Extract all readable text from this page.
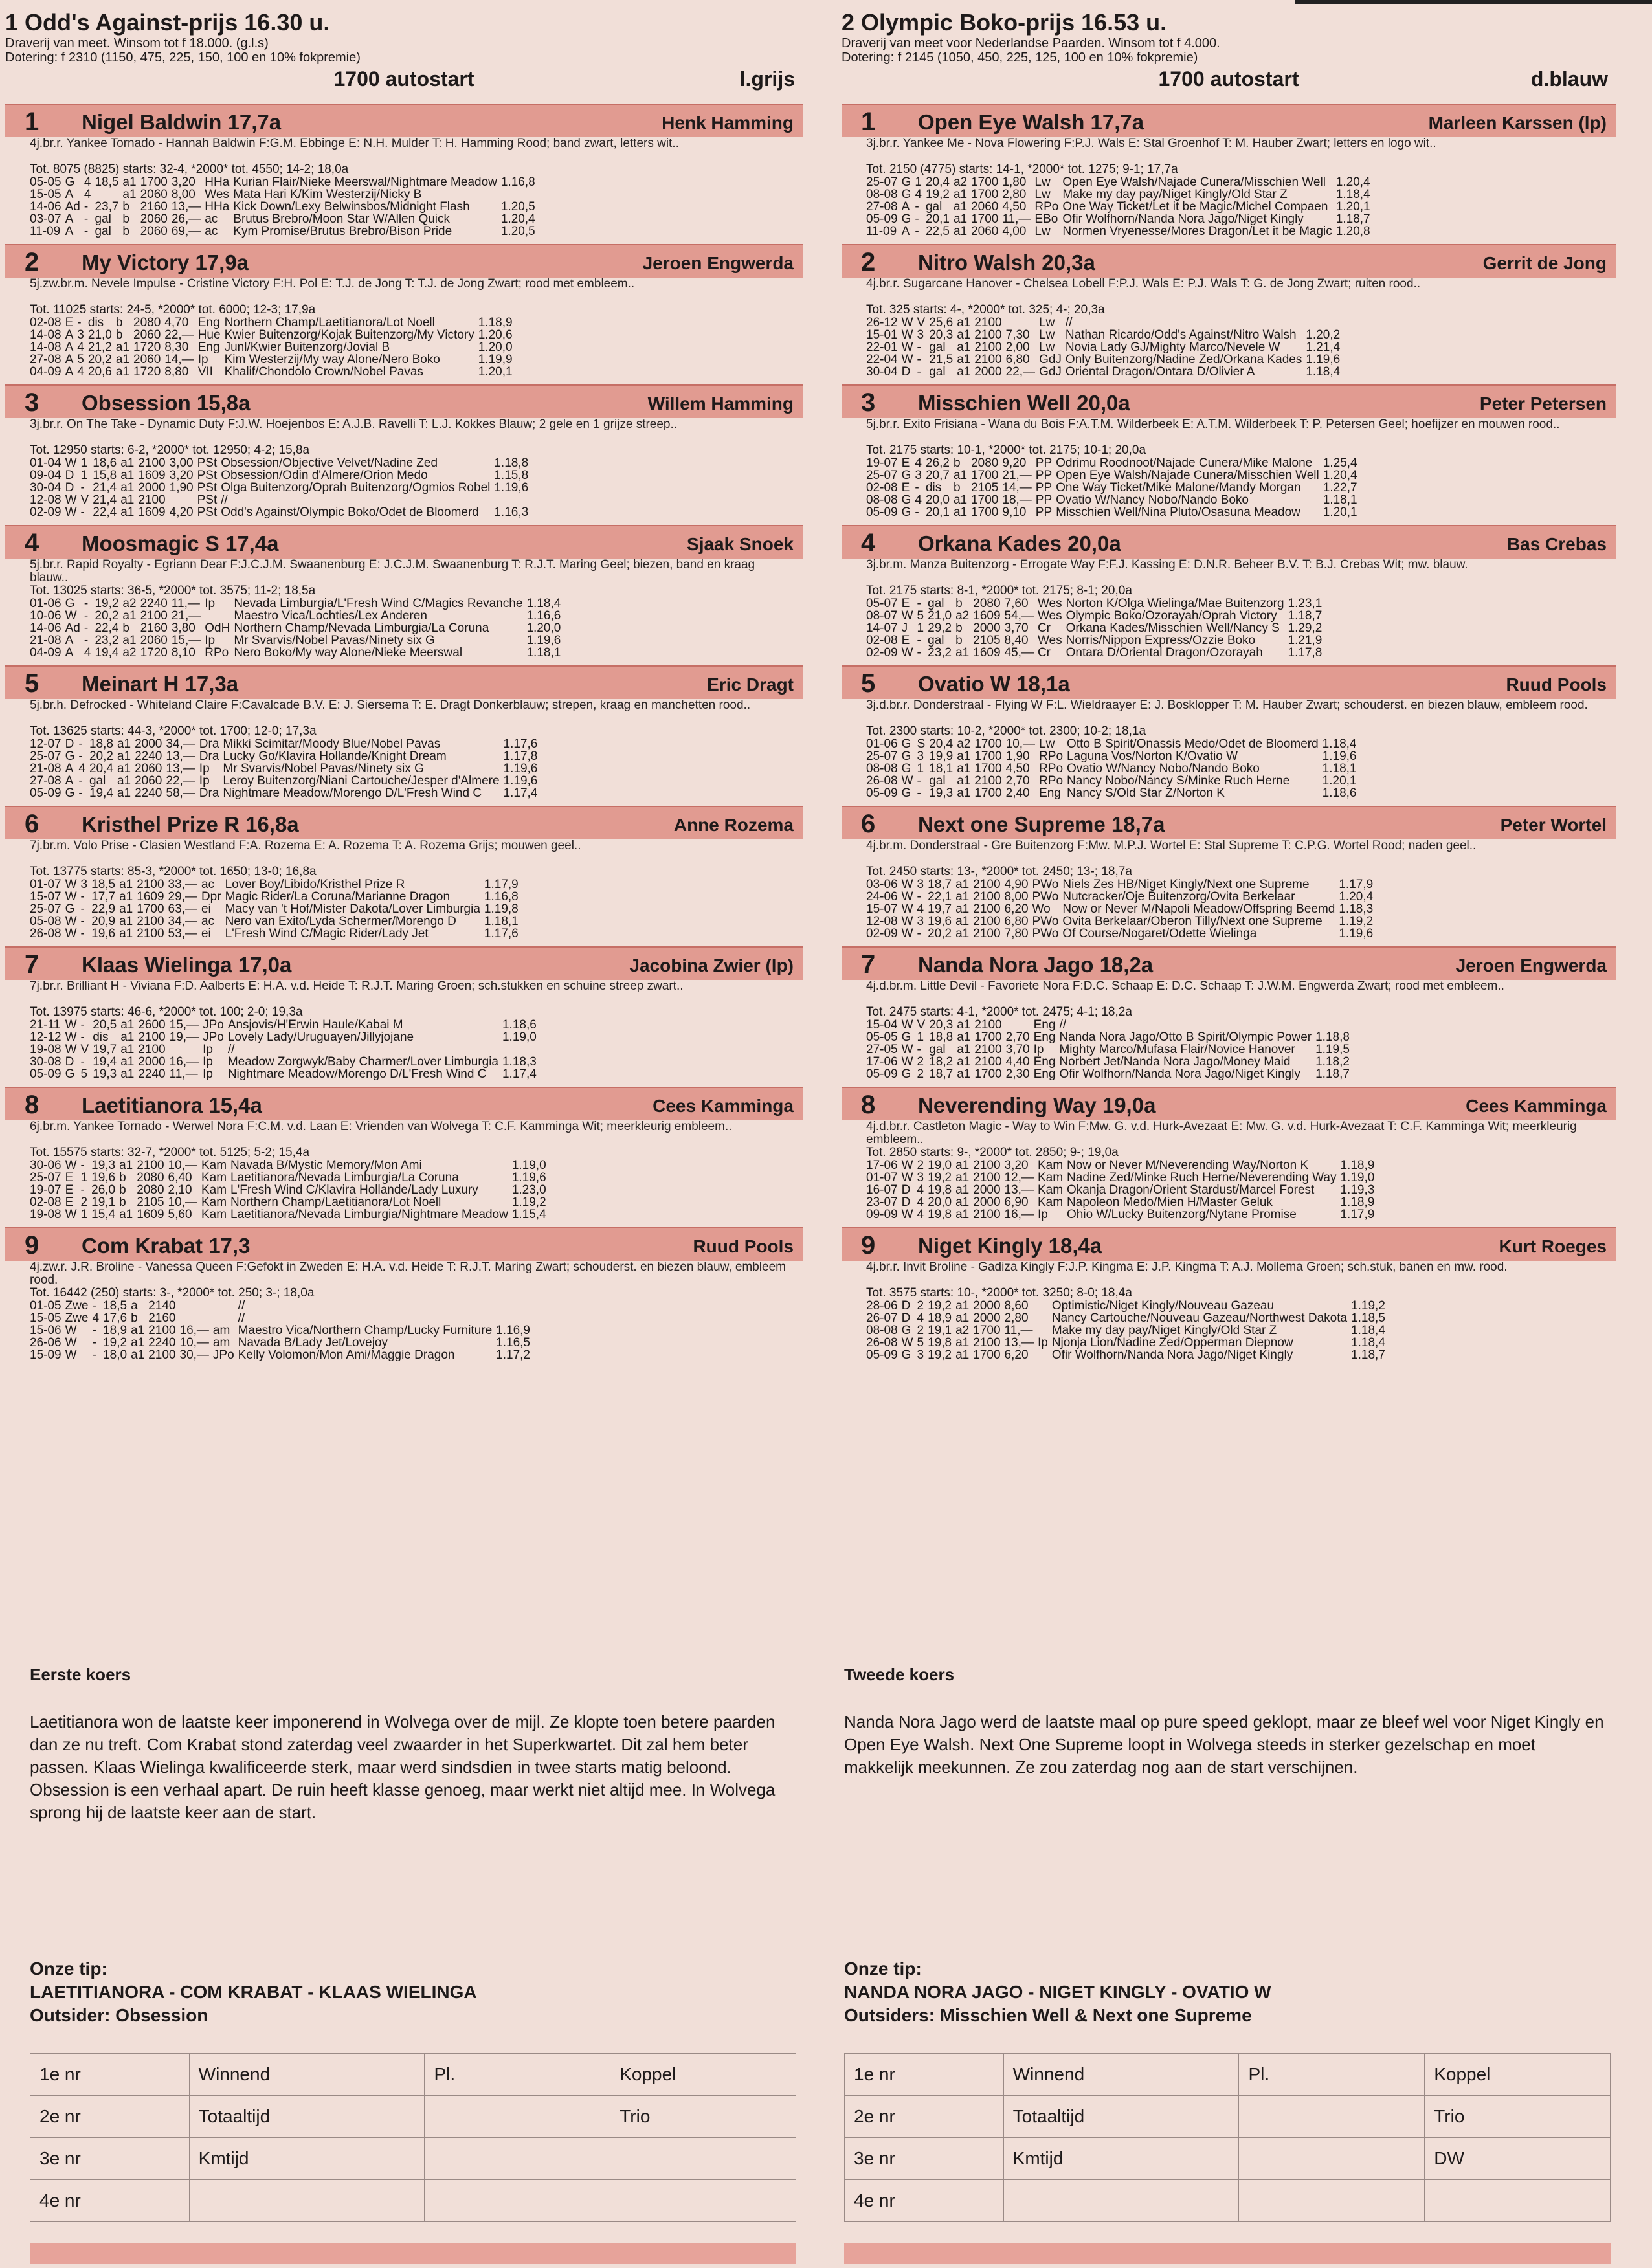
1 Odd's Against-prijs 16.30 u.
Draverij van meet. Winsom tot f 18.000. (g.l.s)
Dotering: f 2310 (1150, 475, 225, 150, 100 en 10% fokpremie)
1700 autostart	l.grijs
1 Nigel Baldwin 17,7a	Henk Hamming
4j.br.r. Yankee Tornado - Hannah Baldwin F:G.M. Ebbinge E: N.H. Mulder T: H. Hamming Rood; band zwart, letters wit..
Tot. 8075 (8825) starts: 32-4, *2000* tot. 4550; 14-2; 18,0a
05-05	G	4	18,5	a1	1700	3,20	HHa	Kurian Flair/Nieke Meerswal/Nightmare Meadow	1.16,8
15-05	A	4		a1	2060	8,00	Wes	Mata Hari K/Kim Westerzij/Nicky B	
14-06	Ad	-	23,7	b	2160	13,—	HHa	Kick Down/Lexy Belwinsbos/Midnight Flash	1.20,5
03-07	A	-	gal	b	2060	26,—	ac	Brutus Brebro/Moon Star W/Allen Quick	1.20,4
11-09	A	-	gal	b	2060	69,—	ac	Kym Promise/Brutus Brebro/Bison Pride	1.20,5
2 My Victory 17,9a	Jeroen Engwerda
5j.zw.br.m. Nevele Impulse - Cristine Victory F:H. Pol E: T.J. de Jong T: T.J. de Jong Zwart; rood met embleem..
Tot. 11025 starts: 24-5, *2000* tot. 6000; 12-3; 17,9a
02-08	E	-	dis	b	2080	4,70	Eng	Northern Champ/Laetitianora/Lot Noell	1.18,9
14-08	A	3	21,0	b	2060	22,—	Hue	Kwier Buitenzorg/Kojak Buitenzorg/My Victory	1.20,6
14-08	A	4	21,2	a1	1720	8,30	Eng	Junl/Kwier Buitenzorg/Jovial B	1.20,0
27-08	A	5	20,2	a1	2060	14,—	Ip	Kim Westerzij/My way Alone/Nero Boko	1.19,9
04-09	A	4	20,6	a1	1720	8,80	VII	Khalif/Chondolo Crown/Nobel Pavas	1.20,1
3 Obsession 15,8a	Willem Hamming
3j.br.r. On The Take - Dynamic Duty F:J.W. Hoejenbos E: A.J.B. Ravelli T: L.J. Kokkes Blauw; 2 gele en 1 grijze streep..
Tot. 12950 starts: 6-2, *2000* tot. 12950; 4-2; 15,8a
01-04	W	1	18,6	a1	2100	3,00	PSt	Obsession/Objective Velvet/Nadine Zed	1.18,8
09-04	D	1	15,8	a1	1609	3,20	PSt	Obsession/Odin d'Almere/Orion Medo	1.15,8
30-04	D	-	21,4	a1	2000	1,90	PSt	Olga Buitenzorg/Oprah Buitenzorg/Ogmios Robel	1.19,6
12-08	W	V	21,4	a1	2100		PSt	//	
02-09	W	-	22,4	a1	1609	4,20	PSt	Odd's Against/Olympic Boko/Odet de Bloomerd	1.16,3
4 Moosmagic S 17,4a	Sjaak Snoek
5j.br.r. Rapid Royalty - Egriann Dear F:J.C.J.M. Swaanenburg E: J.C.J.M. Swaanenburg T: R.J.T. Maring Geel; biezen, band en kraag blauw..
Tot. 13025 starts: 36-5, *2000* tot. 3575; 11-2; 18,5a
01-06	G	-	19,2	a2	2240	11,—	Ip	Nevada Limburgia/L'Fresh Wind C/Magics Revanche	1.18,4
10-06	W	-	20,2	a1	2100	21,—		Maestro Vica/Lochties/Lex Anderen	1.16,6
14-06	Ad	-	22,4	b	2160	3,80	OdH	Northern Champ/Nevada Limburgia/La Coruna	1.20,0
21-08	A	-	23,2	a1	2060	15,—	Ip	Mr Svarvis/Nobel Pavas/Ninety six G	1.19,6
04-09	A	4	19,4	a2	1720	8,10	RPo	Nero Boko/My way Alone/Nieke Meerswal	1.18,1
5 Meinart H 17,3a	Eric Dragt
5j.br.h. Defrocked - Whiteland Claire F:Cavalcade B.V. E: J. Siersema T: E. Dragt Donkerblauw; strepen, kraag en manchetten rood..
Tot. 13625 starts: 44-3, *2000* tot. 1700; 12-0; 17,3a
12-07	D	-	18,8	a1	2000	34,—	Dra	Mikki Scimitar/Moody Blue/Nobel Pavas	1.17,6
25-07	G	-	20,2	a1	2240	13,—	Dra	Lucky Go/Klavira Hollande/Knight Dream	1.17,8
21-08	A	4	20,4	a1	2060	13,—	Ip	Mr Svarvis/Nobel Pavas/Ninety six G	1.19,6
27-08	A	-	gal	a1	2060	22,—	Ip	Leroy Buitenzorg/Niani Cartouche/Jesper d'Almere	1.19,6
05-09	G	-	19,4	a1	2240	58,—	Dra	Nightmare Meadow/Morengo D/L'Fresh Wind C	1.17,4
6 Kristhel Prize R 16,8a	Anne Rozema
7j.br.m. Volo Prise - Clasien Westland F:A. Rozema E: A. Rozema T: A. Rozema Grijs; mouwen geel..
Tot. 13775 starts: 85-3, *2000* tot. 1650; 13-0; 16,8a
01-07	W	3	18,5	a1	2100	33,—	ac	Lover Boy/Libido/Kristhel Prize R	1.17,9
15-07	W	-	17,7	a1	1609	29,—	Dpr	Magic Rider/La Coruna/Marianne Dragon	1.16,8
25-07	G	-	22,9	a1	1700	63,—	ei	Macy van 't Hof/Mister Dakota/Lover Limburgia	1.19,8
05-08	W	-	20,9	a1	2100	34,—	ac	Nero van Exito/Lyda Schermer/Morengo D	1.18,1
26-08	W	-	19,6	a1	2100	53,—	ei	L'Fresh Wind C/Magic Rider/Lady Jet	1.17,6
7 Klaas Wielinga 17,0a	Jacobina Zwier (lp)
7j.br.r. Brilliant H - Viviana F:D. Aalberts E: H.A. v.d. Heide T: R.J.T. Maring Groen; sch.stukken en schuine streep zwart..
Tot. 13975 starts: 46-6, *2000* tot. 100; 2-0; 19,3a
21-11	W	-	20,5	a1	2600	15,—	JPo	Ansjovis/H'Erwin Haule/Kabai M	1.18,6
12-12	W	-	dis	a1	2100	19,—	JPo	Lovely Lady/Uruguayen/Jillyjojane	1.19,0
19-08	W	V	19,7	a1	2100		Ip	//	
30-08	D	-	19,4	a1	2000	16,—	Ip	Meadow Zorgwyk/Baby Charmer/Lover Limburgia	1.18,3
05-09	G	5	19,3	a1	2240	11,—	Ip	Nightmare Meadow/Morengo D/L'Fresh Wind C	1.17,4
8 Laetitianora 15,4a	Cees Kamminga
6j.br.m. Yankee Tornado - Werwel Nora F:C.M. v.d. Laan E: Vrienden van Wolvega T: C.F. Kamminga Wit; meerkleurig embleem..
Tot. 15575 starts: 32-7, *2000* tot. 5125; 5-2; 15,4a
30-06	W	-	19,3	a1	2100	10,—	Kam	Navada B/Mystic Memory/Mon Ami	1.19,0
25-07	E	1	19,6	b	2080	6,40	Kam	Laetitianora/Nevada Limburgia/La Coruna	1.19,6
19-07	E	-	26,0	b	2080	2,10	Kam	L'Fresh Wind C/Klavira Hollande/Lady Luxury	1.23,0
02-08	E	2	19,1	b	2105	10,—	Kam	Northern Champ/Laetitianora/Lot Noell	1.19,2
19-08	W	1	15,4	a1	1609	5,60	Kam	Laetitianora/Nevada Limburgia/Nightmare Meadow	1.15,4
9 Com Krabat 17,3	Ruud Pools
4j.zw.r. J.R. Broline - Vanessa Queen F:Gefokt in Zweden E: H.A. v.d. Heide T: R.J.T. Maring Zwart; schouderst. en biezen blauw, embleem rood.
Tot. 16442 (250) starts: 3-, *2000* tot. 250; 3-; 18,0a
01-05	Zwe	-	18,5	a	2140			//	
15-05	Zwe	4	17,6	b	2160			//	
15-06	W	-	18,9	a1	2100	16,—	am	Maestro Vica/Northern Champ/Lucky Furniture	1.16,9
26-06	W	-	19,2	a1	2240	10,—	am	Navada B/Lady Jet/Lovejoy	1.16,5
15-09	W	-	18,0	a1	2100	30,—	JPo	Kelly Volomon/Mon Ami/Maggie Dragon	1.17,2
2 Olympic Boko-prijs 16.53 u.
Draverij van meet voor Nederlandse Paarden. Winsom tot f 4.000.
Dotering: f 2145 (1050, 450, 225, 125, 100 en 10% fokpremie)
1700 autostart	d.blauw
1 Open Eye Walsh 17,7a	Marleen Karssen (lp)
3j.br.r. Yankee Me - Nova Flowering F:P.J. Wals E: Stal Groenhof T: M. Hauber Zwart; letters en logo wit..
Tot. 2150 (4775) starts: 14-1, *2000* tot. 1275; 9-1; 17,7a
25-07	G	1	20,4	a2	1700	1,80	Lw	Open Eye Walsh/Najade Cunera/Misschien Well	1.20,4
08-08	G	4	19,2	a1	1700	2,80	Lw	Make my day pay/Niget Kingly/Old Star Z	1.18,4
27-08	A	-	gal	a1	2060	4,50	RPo	One Way Ticket/Let it be Magic/Michel Compaen	1.20,1
05-09	G	-	20,1	a1	1700	11,—	EBo	Ofir Wolfhorn/Nanda Nora Jago/Niget Kingly	1.18,7
11-09	A	-	22,5	a1	2060	4,00	Lw	Normen Vryenesse/Mores Dragon/Let it be Magic	1.20,8
2 Nitro Walsh 20,3a	Gerrit de Jong
4j.br.r. Sugarcane Hanover - Chelsea Lobell F:P.J. Wals E: P.J. Wals T: G. de Jong Zwart; ruiten rood..
Tot. 325 starts: 4-, *2000* tot. 325; 4-; 20,3a
26-12	W	V	25,6	a1	2100		Lw	//	
15-01	W	3	20,3	a1	2100	7,30	Lw	Nathan Ricardo/Odd's Against/Nitro Walsh	1.20,2
22-01	W	-	gal	a1	2100	2,00	Lw	Novia Lady GJ/Mighty Marco/Nevele W	1.21,4
22-04	W	-	21,5	a1	2100	6,80	GdJ	Only Buitenzorg/Nadine Zed/Orkana Kades	1.19,6
30-04	D	-	gal	a1	2000	22,—	GdJ	Oriental Dragon/Ontara D/Olivier A	1.18,4
3 Misschien Well 20,0a	Peter Petersen
5j.br.r. Exito Frisiana - Wana du Bois F:A.T.M. Wilderbeek E: A.T.M. Wilderbeek T: P. Petersen Geel; hoefijzer en mouwen rood..
Tot. 2175 starts: 10-1, *2000* tot. 2175; 10-1; 20,0a
19-07	E	4	26,2	b	2080	9,20	PP	Odrimu Roodnoot/Najade Cunera/Mike Malone	1.25,4
25-07	G	3	20,7	a1	1700	21,—	PP	Open Eye Walsh/Najade Cunera/Misschien Well	1.20,4
02-08	E	-	dis	b	2105	14,—	PP	One Way Ticket/Mike Malone/Mandy Morgan	1.22,7
08-08	G	4	20,0	a1	1700	18,—	PP	Ovatio W/Nancy Nobo/Nando Boko	1.18,1
05-09	G	-	20,1	a1	1700	9,10	PP	Misschien Well/Nina Pluto/Osasuna Meadow	1.20,1
4 Orkana Kades 20,0a	Bas Crebas
3j.br.m. Manza Buitenzorg - Errogate Way F:F.J. Kassing E: D.N.R. Beheer B.V. T: B.J. Crebas Wit; mw. blauw.
Tot. 2175 starts: 8-1, *2000* tot. 2175; 8-1; 20,0a
05-07	E	-	gal	b	2080	7,60	Wes	Norton K/Olga Wielinga/Mae Buitenzorg	1.23,1
08-07	W	5	21,0	a2	1609	54,—	Wes	Olympic Boko/Ozorayah/Oprah Victory	1.18,7
14-07	J	1	29,2	b	2000	3,70	Cr	Orkana Kades/Misschien Well/Nancy S	1.29,2
02-08	E	-	gal	b	2105	8,40	Wes	Norris/Nippon Express/Ozzie Boko	1.21,9
02-09	W	-	23,2	a1	1609	45,—	Cr	Ontara D/Oriental Dragon/Ozorayah	1.17,8
5 Ovatio W 18,1a	Ruud Pools
3j.d.br.r. Donderstraal - Flying W F:L. Wieldraayer E: J. Bosklopper T: M. Hauber Zwart; schouderst. en biezen blauw, embleem rood.
Tot. 2300 starts: 10-2, *2000* tot. 2300; 10-2; 18,1a
01-06	G	S	20,4	a2	1700	10,—	Lw	Otto B Spirit/Onassis Medo/Odet de Bloomerd	1.18,4
25-07	G	3	19,9	a1	1700	1,90	RPo	Laguna Vos/Norton K/Ovatio W	1.19,6
08-08	G	1	18,1	a1	1700	4,50	RPo	Ovatio W/Nancy Nobo/Nando Boko	1.18,1
26-08	W	-	gal	a1	2100	2,70	RPo	Nancy Nobo/Nancy S/Minke Ruch Herne	1.20,1
05-09	G	-	19,3	a1	1700	2,40	Eng	Nancy S/Old Star Z/Norton K	1.18,6
6 Next one Supreme 18,7a	Peter Wortel
4j.br.m. Donderstraal - Gre Buitenzorg F:Mw. M.P.J. Wortel E: Stal Supreme T: C.P.G. Wortel Rood; naden geel..
Tot. 2450 starts: 13-, *2000* tot. 2450; 13-; 18,7a
03-06	W	3	18,7	a1	2100	4,90	PWo	Niels Zes HB/Niget Kingly/Next one Supreme	1.17,9
24-06	W	-	22,1	a1	2100	8,00	PWo	Nutcracker/Oje Buitenzorg/Ovita Berkelaar	1.20,4
15-07	W	4	19,7	a1	2100	6,20	Wo	Now or Never M/Napoli Meadow/Offspring Beemd	1.18,3
12-08	W	3	19,6	a1	2100	6,80	PWo	Ovita Berkelaar/Oberon Tilly/Next one Supreme	1.19,2
02-09	W	-	20,2	a1	2100	7,80	PWo	Of Course/Nogaret/Odette Wielinga	1.19,6
7 Nanda Nora Jago 18,2a	Jeroen Engwerda
4j.d.br.m. Little Devil - Favoriete Nora F:D.C. Schaap E: D.C. Schaap T: J.W.M. Engwerda Zwart; rood met embleem..
Tot. 2475 starts: 4-1, *2000* tot. 2475; 4-1; 18,2a
15-04	W	V	20,3	a1	2100		Eng	//	
05-05	G	1	18,8	a1	1700	2,70	Eng	Nanda Nora Jago/Otto B Spirit/Olympic Power	1.18,8
27-05	W	-	gal	a1	2100	3,70	Ip	Mighty Marco/Mufasa Flair/Novice Hanover	1.19,5
17-06	W	2	18,2	a1	2100	4,40	Eng	Norbert Jet/Nanda Nora Jago/Money Maid	1.18,2
05-09	G	2	18,7	a1	1700	2,30	Eng	Ofir Wolfhorn/Nanda Nora Jago/Niget Kingly	1.18,7
8 Neverending Way 19,0a	Cees Kamminga
4j.d.br.r. Castleton Magic - Way to Win F:Mw. G. v.d. Hurk-Avezaat E: Mw. G. v.d. Hurk-Avezaat T: C.F. Kamminga Wit; meerkleurig embleem..
Tot. 2850 starts: 9-, *2000* tot. 2850; 9-; 19,0a
17-06	W	2	19,0	a1	2100	3,20	Kam	Now or Never M/Neverending Way/Norton K	1.18,9
01-07	W	3	19,2	a1	2100	12,—	Kam	Nadine Zed/Minke Ruch Herne/Neverending Way	1.19,0
16-07	D	4	19,8	a1	2000	13,—	Kam	Okanja Dragon/Orient Stardust/Marcel Forest	1.19,3
23-07	D	4	20,0	a1	2000	6,90	Kam	Napoleon Medo/Mien H/Master Geluk	1.18,9
09-09	W	4	19,8	a1	2100	16,—	Ip	Ohio W/Lucky Buitenzorg/Nytane Promise	1.17,9
9 Niget Kingly 18,4a	Kurt Roeges
4j.br.r. Invit Broline - Gadiza Kingly F:J.P. Kingma E: J.P. Kingma T: A.J. Mollema Groen; sch.stuk, banen en mw. rood.
Tot. 3575 starts: 10-, *2000* tot. 3250; 8-0; 18,4a
28-06	D	2	19,2	a1	2000	8,60		Optimistic/Niget Kingly/Nouveau Gazeau	1.19,2
26-07	D	4	18,9	a1	2000	2,80		Nancy Cartouche/Nouveau Gazeau/Northwest Dakota	1.18,5
08-08	G	2	19,1	a2	1700	11,—		Make my day pay/Niget Kingly/Old Star Z	1.18,4
26-08	W	5	19,8	a1	2100	13,—	Ip	Njonja Lion/Nadine Zed/Opperman Diepnow	1.18,4
05-09	G	3	19,2	a1	1700	6,20		Ofir Wolfhorn/Nanda Nora Jago/Niget Kingly	1.18,7
Eerste koers
Laetitianora won de laatste keer imponerend in Wolvega over de mijl. Ze klopte toen betere paarden dan ze nu treft. Com Krabat stond zaterdag veel zwaarder in het Superkwartet. Dit zal hem beter passen. Klaas Wielinga kwalificeerde sterk, maar werd sindsdien in twee starts matig beloond. Obsession is een verhaal apart. De ruin heeft klasse genoeg, maar werkt niet altijd mee. In Wolvega sprong hij de laatste keer aan de start.
Tweede koers
Nanda Nora Jago werd de laatste maal op pure speed geklopt, maar ze bleef wel voor Niget Kingly en Open Eye Walsh. Next One Supreme loopt in Wolvega steeds in sterker gezelschap en moet makkelijk meekunnen. Ze zou zaterdag nog aan de start verschijnen.
Onze tip:
LAETITIANORA - COM KRABAT - KLAAS WIELINGA
Outsider: Obsession
Onze tip:
NANDA NORA JAGO - NIGET KINGLY - OVATIO W
Outsiders: Misschien Well & Next one Supreme
1e nr	Winnend	Pl.	Koppel
2e nr	Totaaltijd		Trio
3e nr	Kmtijd		
4e nr			
1e nr	Winnend	Pl.	Koppel
2e nr	Totaaltijd		Trio
3e nr	Kmtijd		DW
4e nr			
